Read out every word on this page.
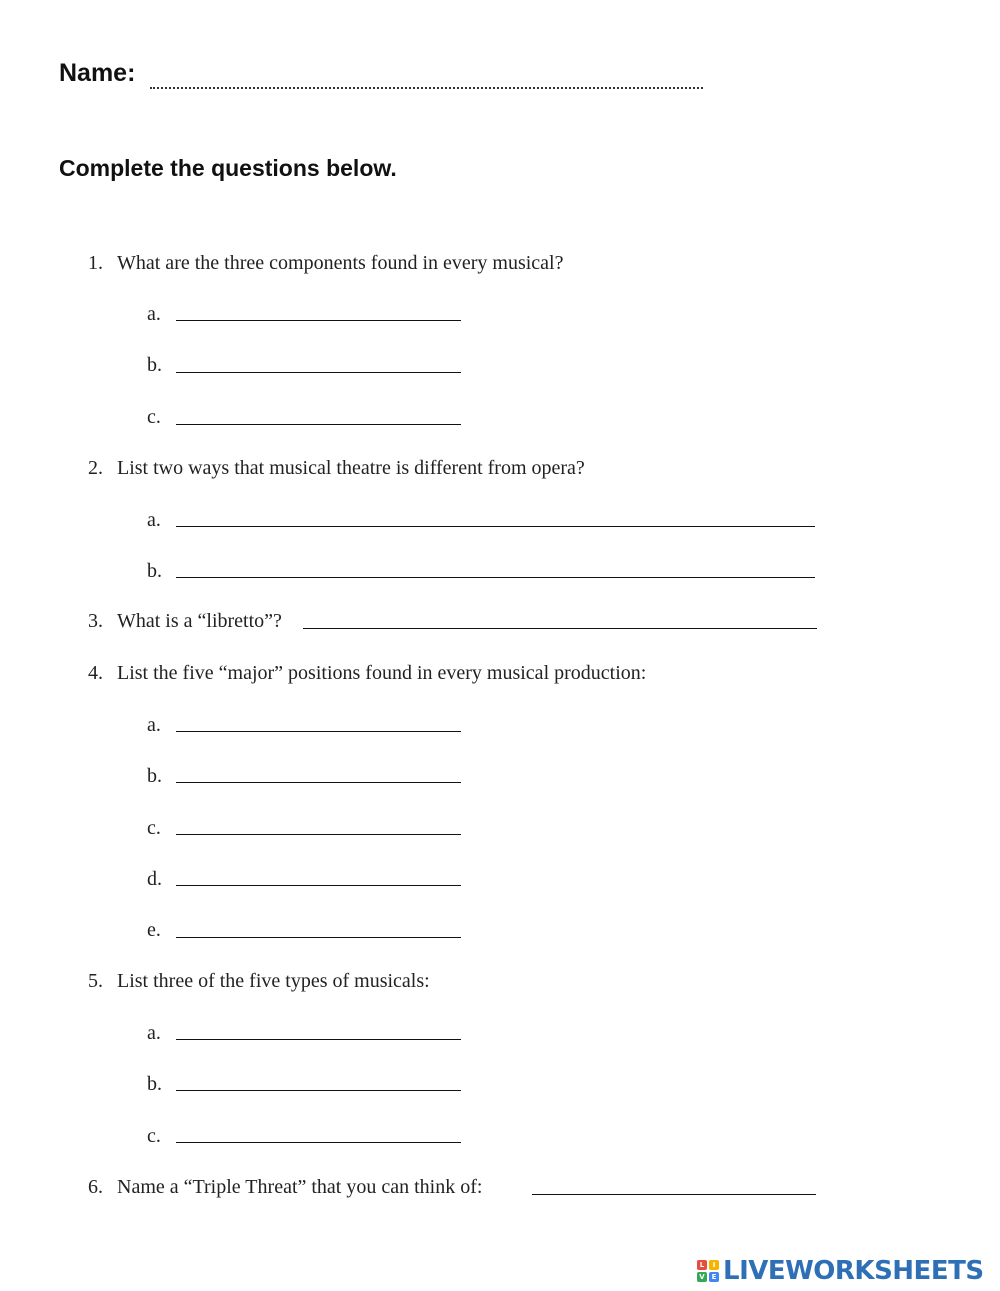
Name:
Complete the questions below.
1. What are the three components found in every musical?
a.
b.
c.
2. List two ways that musical theatre is different from opera?
a.
b.
3. What is a “libretto”?
4. List the five “major” positions found in every musical production:
a.
b.
c.
d.
e.
5. List three of the five types of musicals:
a.
b.
c.
6. Name a “Triple Threat” that you can think of:
L	I
V E LIVEWORKSHEETS
